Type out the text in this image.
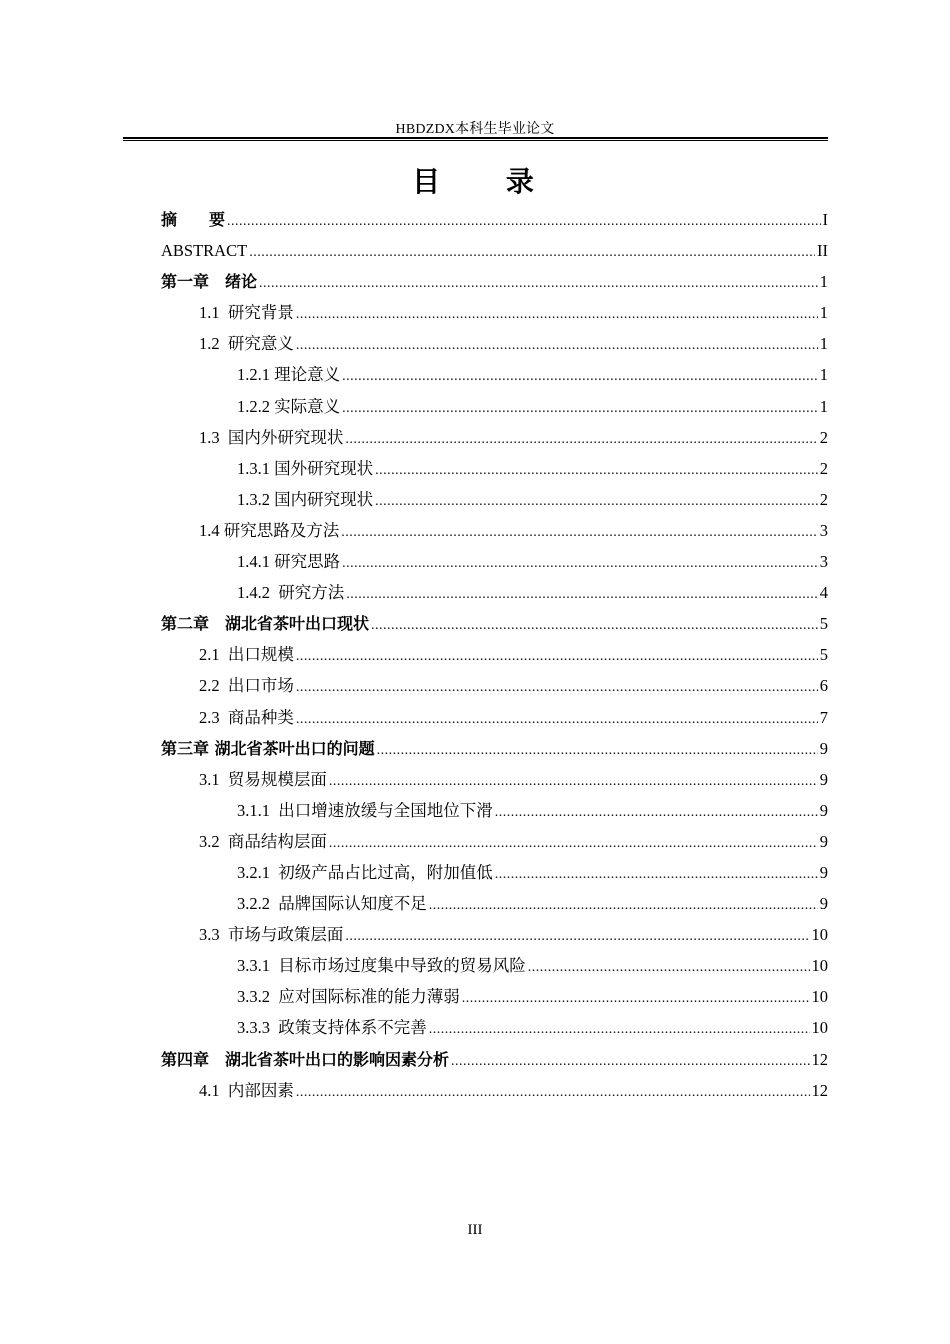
HBDZDX本科生毕业论文
目 录
摘　　要 .....	I
ABSTRACT .....	II
第一章　绪论 .....	1
1.1  研究背景 .....	1
1.2  研究意义 .....	1
1.2.1 理论意义 .....	1
1.2.2 实际意义 .....	1
1.3  国内外研究现状 .....	2
1.3.1 国外研究现状 .....	2
1.3.2 国内研究现状 .....	2
1.4 研究思路及方法 .....	3
1.4.1 研究思路 .....	3
1.4.2  研究方法 .....	4
第二章　湖北省茶叶出口现状 .....	5
2.1  出口规模 .....	5
2.2  出口市场 .....	6
2.3  商品种类 .....	7
第三章 湖北省茶叶出口的问题 .....	9
3.1  贸易规模层面 .....	9
3.1.1  出口增速放缓与全国地位下滑 .....	9
3.2  商品结构层面 .....	9
3.2.1  初级产品占比过高，附加值低 .....	9
3.2.2  品牌国际认知度不足 .....	9
3.3  市场与政策层面 .....	10
3.3.1  目标市场过度集中导致的贸易风险 .....	10
3.3.2  应对国际标准的能力薄弱 .....	10
3.3.3  政策支持体系不完善 .....	10
第四章　湖北省茶叶出口的影响因素分析 .....	12
4.1  内部因素 .....	12
III
